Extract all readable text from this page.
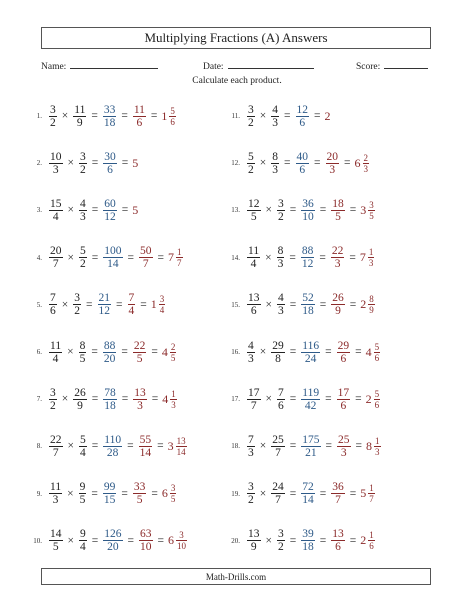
Multiplying Fractions (A) Answers
Name:	Date:	Score:
Calculate each product.
1. $\frac{3}{2} \times \frac{11}{9} = \frac{33}{18} = \frac{11}{6} = 1 \frac{5}{6}$
2. $\frac{10}{3} \times \frac{3}{2} = \frac{30}{6} = 5$
3. $\frac{15}{4} \times \frac{4}{3} = \frac{60}{12} = 5$
4. $\frac{20}{7} \times \frac{5}{2} = \frac{100}{14} = \frac{50}{7} = 7 \frac{1}{7}$
5. $\frac{7}{6} \times \frac{3}{2} = \frac{21}{12} = \frac{7}{4} = 1 \frac{3}{4}$
6. $\frac{11}{4} \times \frac{8}{5} = \frac{88}{20} = \frac{22}{5} = 4 \frac{2}{5}$
7. $\frac{3}{2} \times \frac{26}{9} = \frac{78}{18} = \frac{13}{3} = 4 \frac{1}{3}$
8. $\frac{22}{7} \times \frac{5}{4} = \frac{110}{28} = \frac{55}{14} = 3 \frac{13}{14}$
9. $\frac{11}{3} \times \frac{9}{5} = \frac{99}{15} = \frac{33}{5} = 6 \frac{3}{5}$
10. $\frac{14}{5} \times \frac{9}{4} = \frac{126}{20} = \frac{63}{10} = 6 \frac{3}{10}$
11. $\frac{3}{2} \times \frac{4}{3} = \frac{12}{6} = 2$
12. $\frac{5}{2} \times \frac{8}{3} = \frac{40}{6} = \frac{20}{3} = 6 \frac{2}{3}$
13. $\frac{12}{5} \times \frac{3}{2} = \frac{36}{10} = \frac{18}{5} = 3 \frac{3}{5}$
14. $\frac{11}{4} \times \frac{8}{3} = \frac{88}{12} = \frac{22}{3} = 7 \frac{1}{3}$
15. $\frac{13}{6} \times \frac{4}{3} = \frac{52}{18} = \frac{26}{9} = 2 \frac{8}{9}$
16. $\frac{4}{3} \times \frac{29}{8} = \frac{116}{24} = \frac{29}{6} = 4 \frac{5}{6}$
17. $\frac{17}{7} \times \frac{7}{6} = \frac{119}{42} = \frac{17}{6} = 2 \frac{5}{6}$
18. $\frac{7}{3} \times \frac{25}{7} = \frac{175}{21} = \frac{25}{3} = 8 \frac{1}{3}$
19. $\frac{3}{2} \times \frac{24}{7} = \frac{72}{14} = \frac{36}{7} = 5 \frac{1}{7}$
20. $\frac{13}{9} \times \frac{3}{2} = \frac{39}{18} = \frac{13}{6} = 2 \frac{1}{6}$
Math-Drills.com
